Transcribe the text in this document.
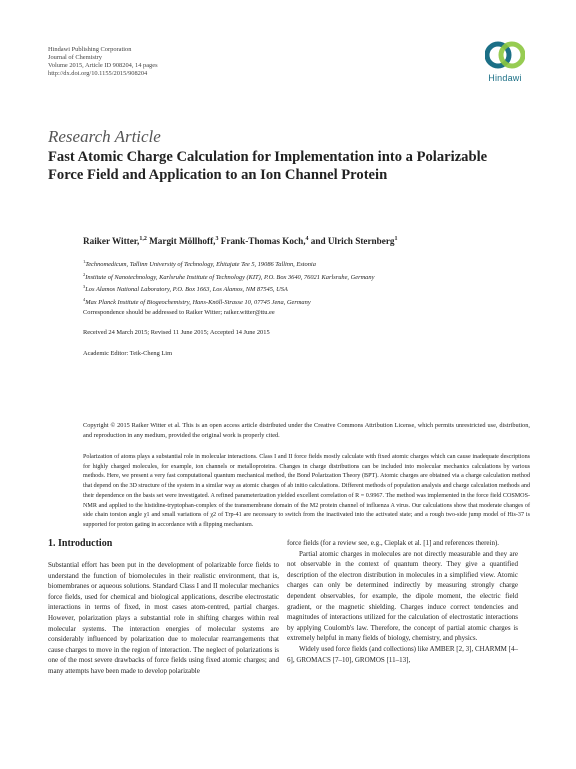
Hindawi Publishing Corporation
Journal of Chemistry
Volume 2015, Article ID 908204, 14 pages
http://dx.doi.org/10.1155/2015/908204	Hindawi
Research Article
Fast Atomic Charge Calculation for Implementation into a Polarizable Force Field and Application to an Ion Channel Protein
Raiker Witter,$^{1,2}$ Margit Möllhoff,$^3$ Frank-Thomas Koch,$^4$ and Ulrich Sternberg$^1$
$^1$Technomedicum, Tallinn University of Technology, Ehitajate Tee 5, 19086 Tallinn, Estonia
$^2$Institute of Nanotechnology, Karlsruhe Institute of Technology (KIT), P.O. Box 3640, 76021 Karlsruhe, Germany
$^3$Los Alamos National Laboratory, P.O. Box 1663, Los Alamos, NM 87545, USA
$^4$Max Planck Institute of Biogeochemistry, Hans-Knöll-Strasse 10, 07745 Jena, Germany
Correspondence should be addressed to Raiker Witter; raiker.witter@ttu.ee
Received 24 March 2015; Revised 11 June 2015; Accepted 14 June 2015
Academic Editor: Teik-Cheng Lim
Copyright © 2015 Raiker Witter et al. This is an open access article distributed under the Creative Commons Attribution License, which permits unrestricted use, distribution, and reproduction in any medium, provided the original work is properly cited.
Polarization of atoms plays a substantial role in molecular interactions. Class I and II force fields mostly calculate with fixed atomic charges which can cause inadequate descriptions for highly charged molecules, for example, ion channels or metalloproteins. Changes in charge distributions can be included into molecular mechanics calculations by various methods. Here, we present a very fast computational quantum mechanical method, the Bond Polarization Theory (BPT). Atomic charges are obtained via a charge calculation method that depend on the 3D structure of the system in a similar way as atomic charges of ab initio calculations. Different methods of population analysis and charge calculation methods and their dependence on the basis set were investigated. A refined parameterization yielded excellent correlation of R = 0.9967. The method was implemented in the force field COSMOS-NMR and applied to the histidine-tryptophan-complex of the transmembrane domain of the M2 protein channel of influenza A virus. Our calculations show that moderate changes of side chain torsion angle χ1 and small variations of χ2 of Trp-41 are necessary to switch from the inactivated into the activated state; and a rough two-side jump model of His-37 is supported for proton gating in accordance with a flipping mechanism.
1. Introduction

Substantial effort has been put in the development of polarizable force fields to understand the function of biomolecules in their realistic environment, that is, biomembranes or aqueous solutions. Standard Class I and II molecular mechanics force fields, used for chemical and biological applications, describe electrostatic interactions in terms of fixed, in most cases atom-centred, partial charges. However, polarization plays a substantial role in shifting charges within real molecular systems. The interaction energies of molecular systems are considerably influenced by polarization due to molecular rearrangements that cause charges to move in the region of interaction. The neglect of polarizations is one of the most severe drawbacks of force fields using fixed atomic charges; and many attempts have been made to develop polarizable

force fields (for a review see, e.g., Cieplak et al. [1] and references therein).

Partial atomic charges in molecules are not directly measurable and they are not observable in the context of quantum theory. They give a quantified description of the electron distribution in molecules in a simplified view. Atomic charges can only be determined indirectly by measuring strongly charge dependent observables, for example, the dipole moment, the electric field gradient, or the magnetic shielding. Charges induce correct tendencies and magnitudes of interactions utilized for the calculation of electrostatic interactions by applying Coulomb's law. Therefore, the concept of partial atomic charges is extremely helpful in many fields of biology, chemistry, and physics.

Widely used force fields (and collections) like AMBER [2, 3], CHARMM [4–6], GROMACS [7–10], GROMOS [11–13],
